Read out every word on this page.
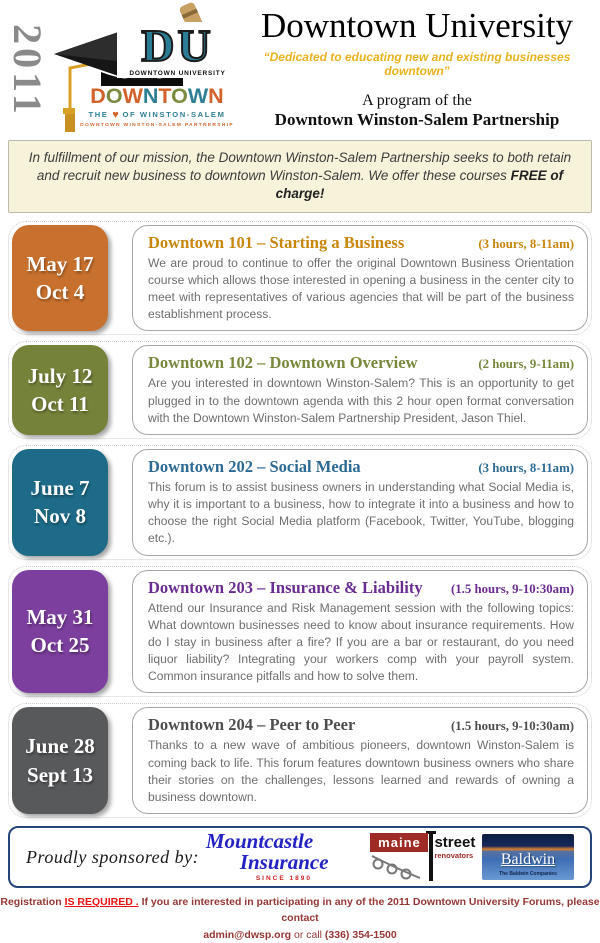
2011	DU
DOWNTOWN UNIVERSITY
DOWNTOWN
THE ♥ OF WINSTON-SALEM
DOWNTOWN WINSTON-SALEM PARTNERSHIP
Downtown University
“Dedicated to educating new and existing businesses downtown”
A program of the
Downtown Winston-Salem Partnership
In fulfillment of our mission, the Downtown Winston-Salem Partnership seeks to both retain and recruit new business to downtown Winston-Salem. We offer these courses FREE of charge!
May 17
Oct 4
Downtown 101 – Starting a Business	(3 hours, 8-11am)
We are proud to continue to offer the original Downtown Business Orientation course which allows those interested in opening a business in the center city to meet with representatives of various agencies that will be part of the business establishment process.
July 12
Oct 11
Downtown 102 – Downtown Overview	(2 hours, 9-11am)
Are you interested in downtown Winston-Salem? This is an opportunity to get plugged in to the downtown agenda with this 2 hour open format conversation with the Downtown Winston-Salem Partnership President, Jason Thiel.
June 7
Nov 8
Downtown 202 – Social Media	(3 hours, 8-11am)
This forum is to assist business owners in understanding what Social Media is, why it is important to a business, how to integrate it into a business and how to choose the right Social Media platform (Facebook, Twitter, YouTube, blogging etc.).
May 31
Oct 25
Downtown 203 – Insurance & Liability (1.5 hours, 9-10:30am)
Attend our Insurance and Risk Management session with the following topics: What downtown businesses need to know about insurance requirements. How do I stay in business after a fire? If you are a bar or restaurant, do you need liquor liability? Integrating your workers comp with your payroll system. Common insurance pitfalls and how to solve them.
June 28
Sept 13
Downtown 204 – Peer to Peer	(1.5 hours, 9-10:30am)
Thanks to a new wave of ambitious pioneers, downtown Winston-Salem is coming back to life. This forum features downtown business owners who share their stories on the challenges, lessons learned and rewards of owning a business downtown.
Proudly sponsored by:
Mountcastle
Insurance
SINCE 1890
maine street
renovators	Baldwin
The Baldwin Companies
Registration IS REQUIRED . If you are interested in participating in any of the 2011 Downtown University Forums, please contact
admin@dwsp.org or call (336) 354-1500
